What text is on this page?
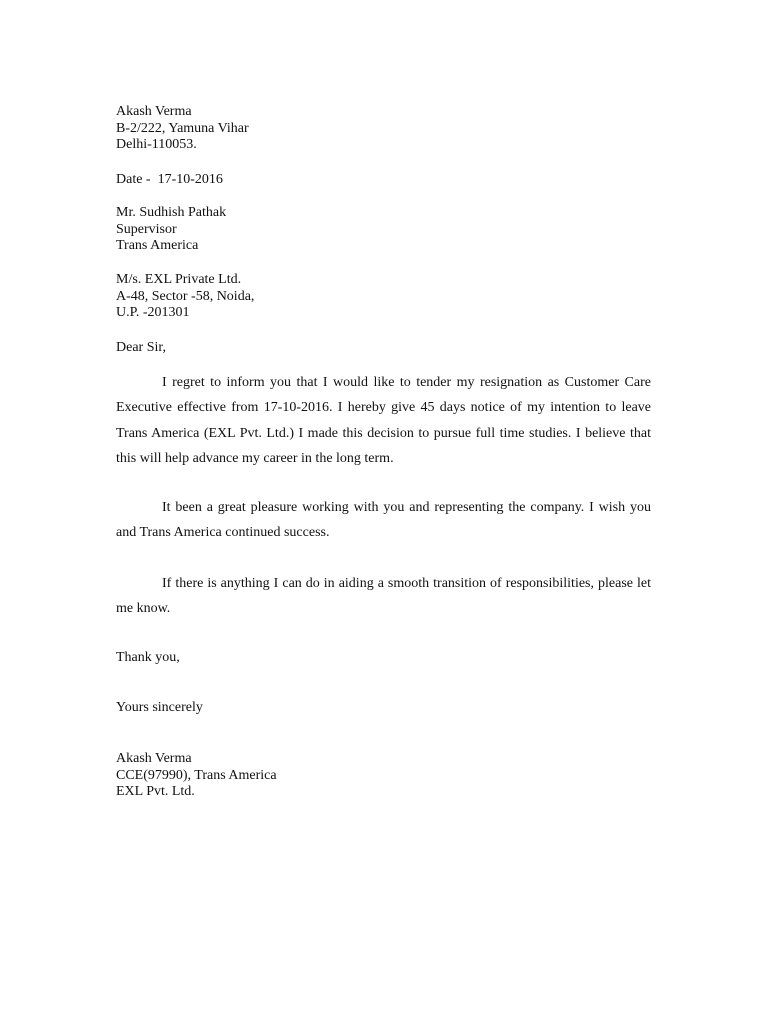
Akash Verma
B-2/222, Yamuna Vihar
Delhi-110053.
Date -  17-10-2016
Mr. Sudhish Pathak
Supervisor
Trans America
M/s. EXL Private Ltd.
A-48, Sector -58, Noida,
U.P. -201301
Dear Sir,
I regret to inform you that I would like to tender my resignation as Customer Care Executive effective from 17-10-2016. I hereby give 45 days notice of my intention to leave Trans America (EXL Pvt. Ltd.) I made this decision to pursue full time studies. I believe that this will help advance my career in the long term.
It been a great pleasure working with you and representing the company. I wish you and Trans America continued success.
If there is anything I can do in aiding a smooth transition of responsibilities, please let me know.
Thank you,
Yours sincerely
Akash Verma
CCE(97990), Trans America
EXL Pvt. Ltd.
